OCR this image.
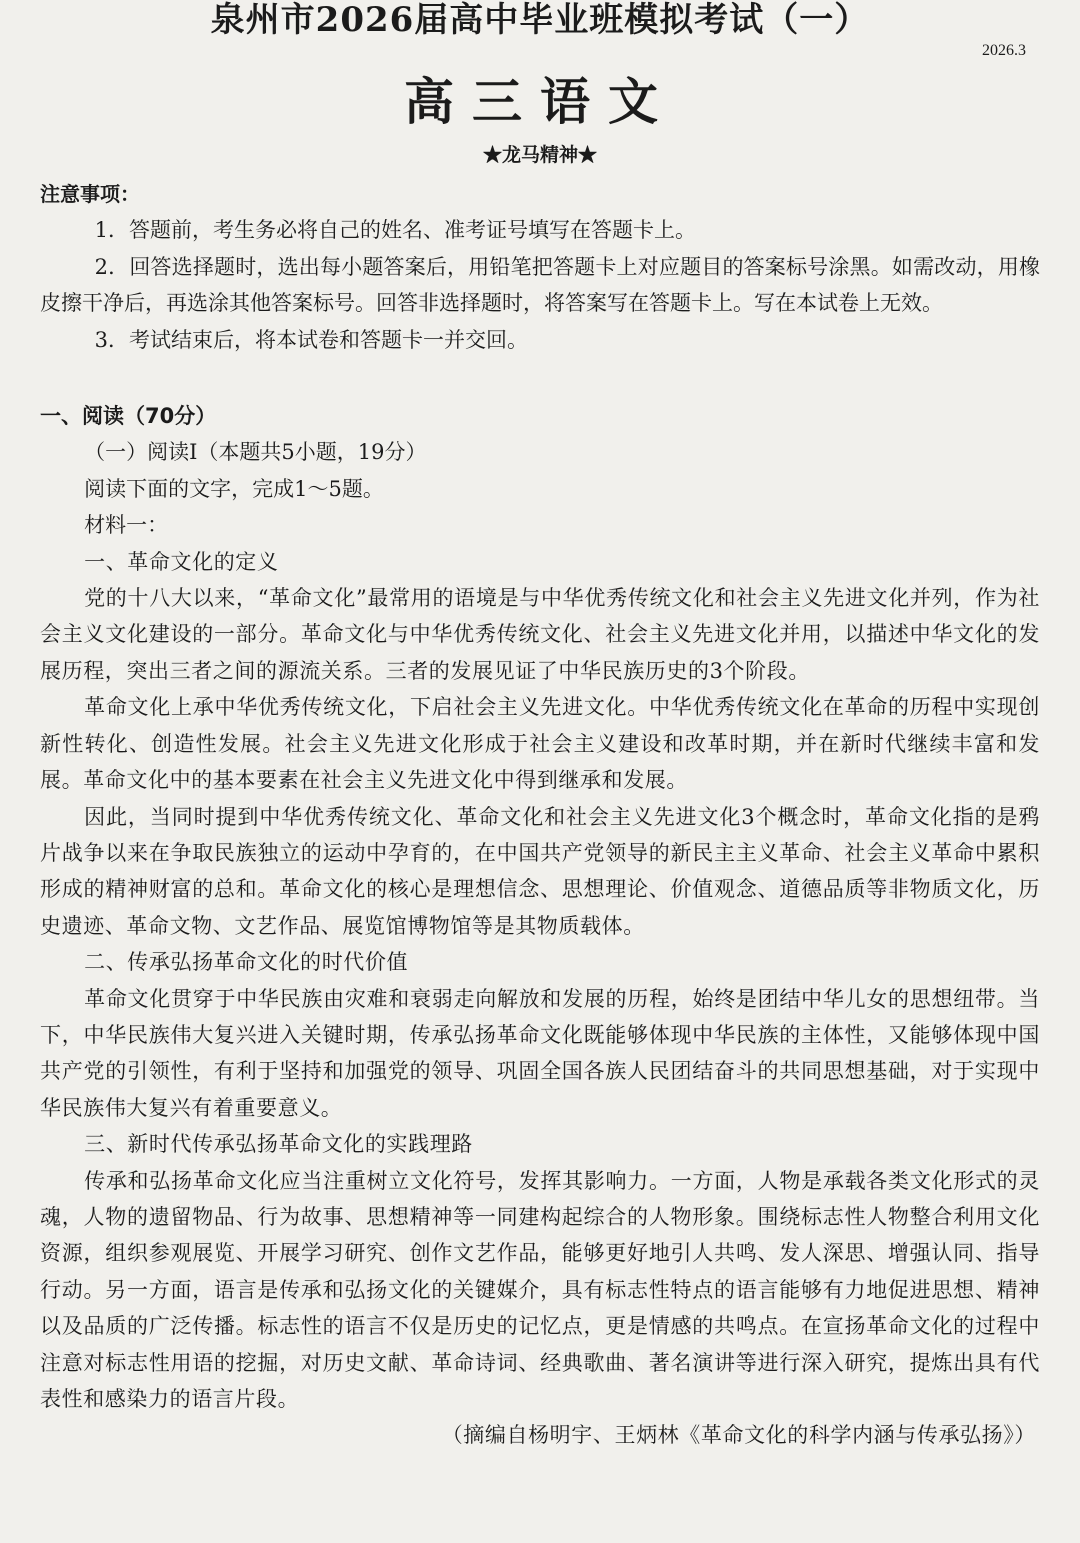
泉州市2026届高中毕业班模拟考试（一）
2026.3
高三语文
★龙马精神★

注意事项：

1．答题前，考生务必将自己的姓名、准考证号填写在答题卡上。

2．回答选择题时，选出每小题答案后，用铅笔把答题卡上对应题目的答案标号涂黑。如需改动，用橡皮擦干净后，再选涂其他答案标号。回答非选择题时，将答案写在答题卡上。写在本试卷上无效。

3．考试结束后，将本试卷和答题卡一并交回。

一、阅读（70分）

（一）阅读Ⅰ（本题共5小题，19分）

阅读下面的文字，完成1～5题。

材料一：

一、革命文化的定义

党的十八大以来，“革命文化”最常用的语境是与中华优秀传统文化和社会主义先进文化并列，作为社会主义文化建设的一部分。革命文化与中华优秀传统文化、社会主义先进文化并用，以描述中华文化的发展历程，突出三者之间的源流关系。三者的发展见证了中华民族历史的3个阶段。

革命文化上承中华优秀传统文化，下启社会主义先进文化。中华优秀传统文化在革命的历程中实现创新性转化、创造性发展。社会主义先进文化形成于社会主义建设和改革时期，并在新时代继续丰富和发展。革命文化中的基本要素在社会主义先进文化中得到继承和发展。

因此，当同时提到中华优秀传统文化、革命文化和社会主义先进文化3个概念时，革命文化指的是鸦片战争以来在争取民族独立的运动中孕育的，在中国共产党领导的新民主主义革命、社会主义革命中累积形成的精神财富的总和。革命文化的核心是理想信念、思想理论、价值观念、道德品质等非物质文化，历史遗迹、革命文物、文艺作品、展览馆博物馆等是其物质载体。

二、传承弘扬革命文化的时代价值

革命文化贯穿于中华民族由灾难和衰弱走向解放和发展的历程，始终是团结中华儿女的思想纽带。当下，中华民族伟大复兴进入关键时期，传承弘扬革命文化既能够体现中华民族的主体性，又能够体现中国共产党的引领性，有利于坚持和加强党的领导、巩固全国各族人民团结奋斗的共同思想基础，对于实现中华民族伟大复兴有着重要意义。

三、新时代传承弘扬革命文化的实践理路

传承和弘扬革命文化应当注重树立文化符号，发挥其影响力。一方面，人物是承载各类文化形式的灵魂，人物的遗留物品、行为故事、思想精神等一同建构起综合的人物形象。围绕标志性人物整合利用文化资源，组织参观展览、开展学习研究、创作文艺作品，能够更好地引人共鸣、发人深思、增强认同、指导行动。另一方面，语言是传承和弘扬文化的关键媒介，具有标志性特点的语言能够有力地促进思想、精神以及品质的广泛传播。标志性的语言不仅是历史的记忆点，更是情感的共鸣点。在宣扬革命文化的过程中注意对标志性用语的挖掘，对历史文献、革命诗词、经典歌曲、著名演讲等进行深入研究，提炼出具有代表性和感染力的语言片段。

（摘编自杨明宇、王炳林《革命文化的科学内涵与传承弘扬》）
